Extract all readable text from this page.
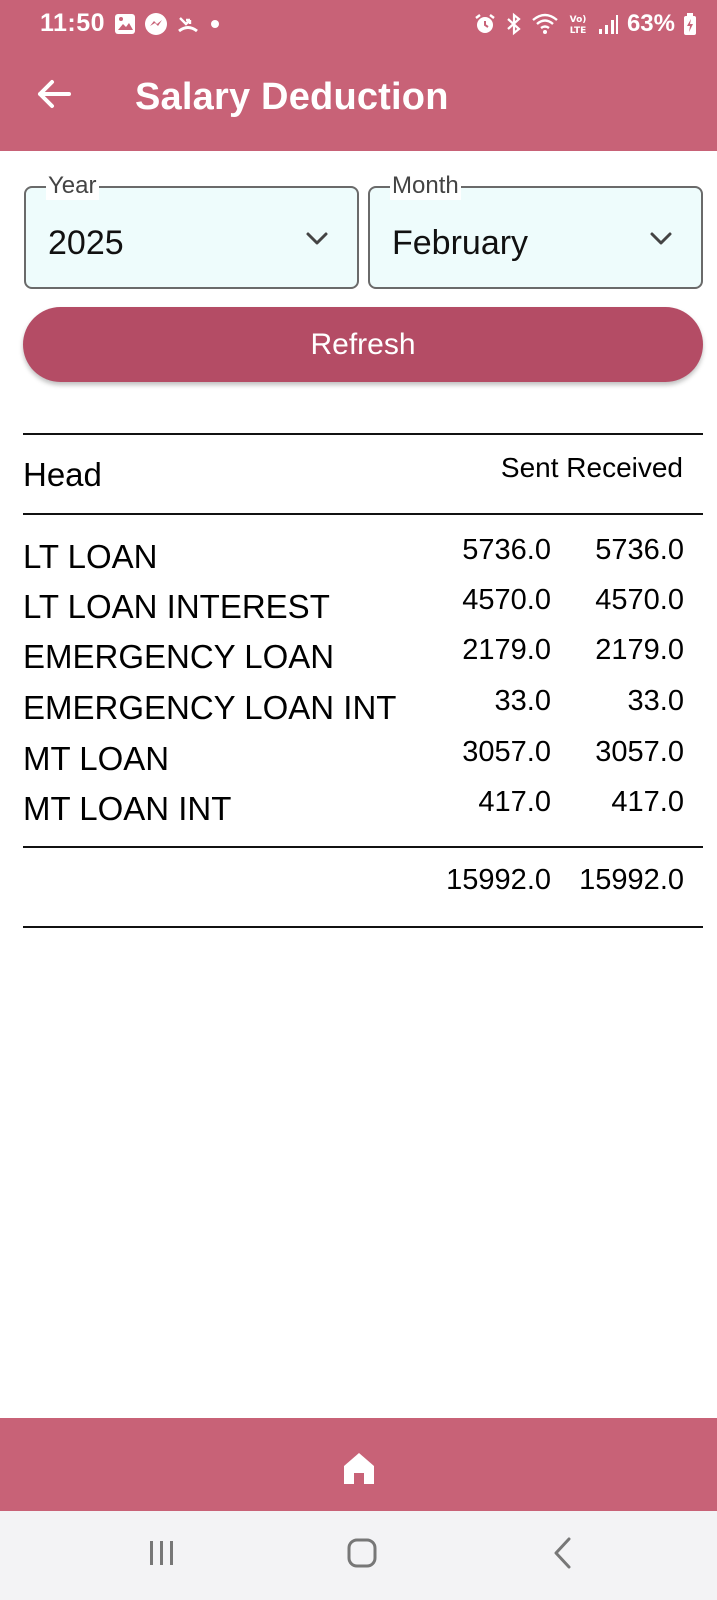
11:50	Vo)
LTE 63%
Salary Deduction
Year
2025
Month
February
Refresh
Head	Sent Received
LT LOAN	5736.0 5736.0
LT LOAN INTEREST	4570.0 4570.0
EMERGENCY LOAN	2179.0 2179.0
EMERGENCY LOAN INT	33.0	33.0
MT LOAN	3057.0 3057.0
MT LOAN INT	417.0 417.0
15992.0 15992.0
